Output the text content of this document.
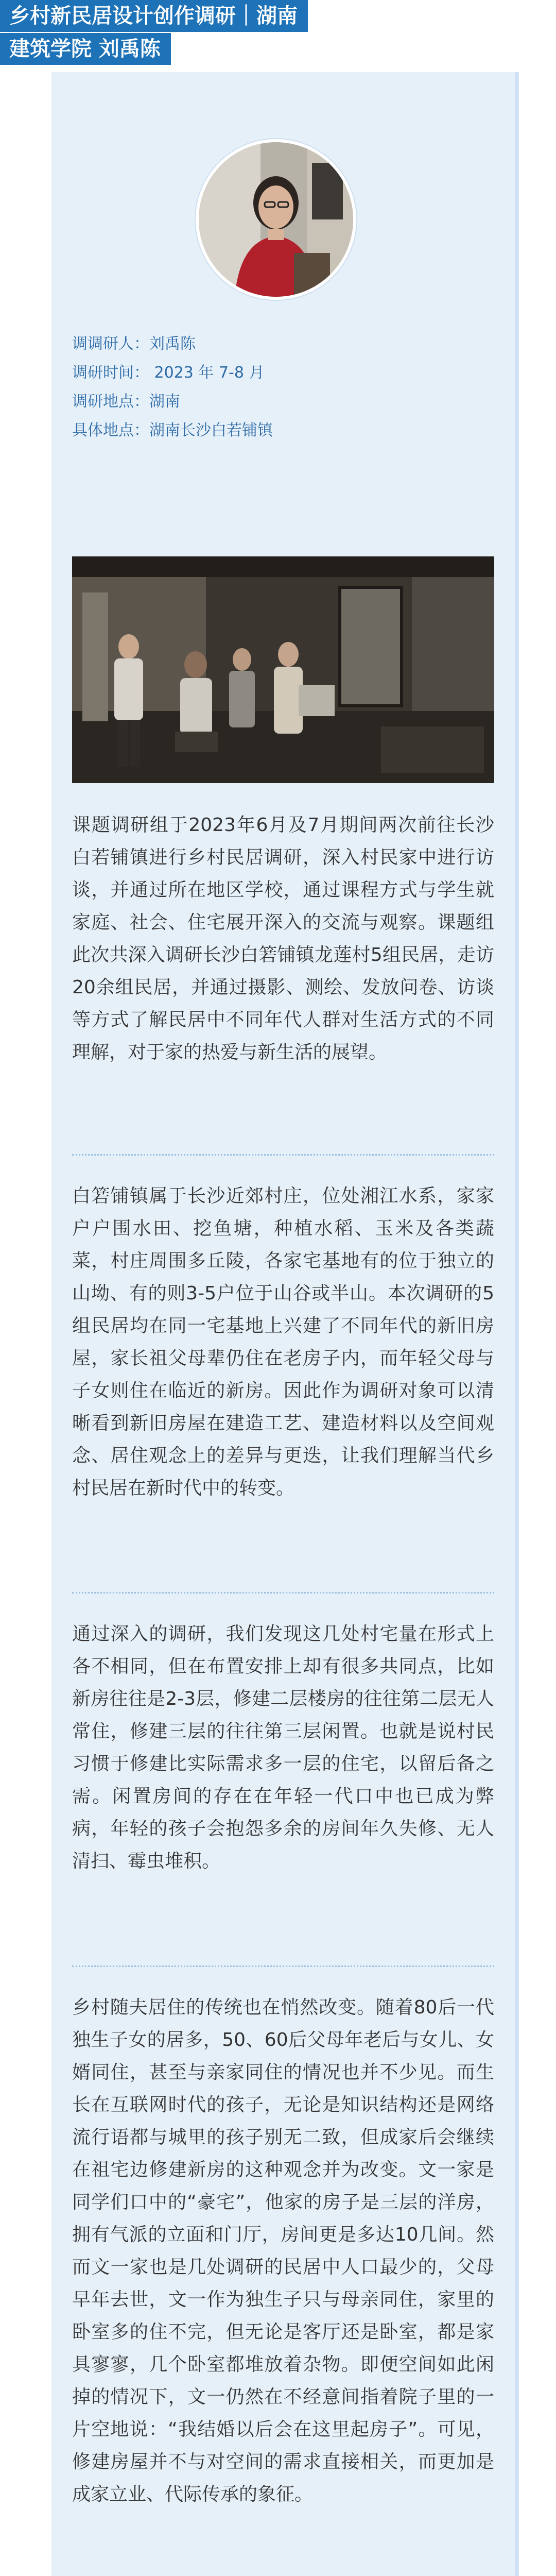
乡村新民居设计创作调研｜湖南
建筑学院 刘禹陈
调调研人：刘禹陈
调研时间： 2023 年 7-8 月
调研地点：湖南
具体地点：湖南长沙白若铺镇

课题调研组于2023年6月及7月期间两次前往长沙白若铺镇进行乡村民居调研，深入村民家中进行访谈，并通过所在地区学校，通过课程方式与学生就家庭、社会、住宅展开深入的交流与观察。课题组此次共深入调研长沙白箬铺镇龙莲村5组民居，走访20余组民居，并通过摄影、测绘、发放问卷、访谈等方式了解民居中不同年代人群对生活方式的不同理解，对于家的热爱与新生活的展望。

白箬铺镇属于长沙近郊村庄，位处湘江水系，家家户户围水田、挖鱼塘，种植水稻、玉米及各类蔬菜，村庄周围多丘陵，各家宅基地有的位于独立的山坳、有的则3-5户位于山谷或半山。本次调研的5组民居均在同一宅基地上兴建了不同年代的新旧房屋，家长祖父母辈仍住在老房子内，而年轻父母与子女则住在临近的新房。因此作为调研对象可以清晰看到新旧房屋在建造工艺、建造材料以及空间观念、居住观念上的差异与更迭，让我们理解当代乡村民居在新时代中的转变。

通过深入的调研，我们发现这几处村宅量在形式上各不相同，但在布置安排上却有很多共同点，比如新房往往是2-3层，修建二层楼房的往往第二层无人常住，修建三层的往往第三层闲置。也就是说村民习惯于修建比实际需求多一层的住宅，以留后备之需。闲置房间的存在在年轻一代口中也已成为弊病，年轻的孩子会抱怨多余的房间年久失修、无人清扫、霉虫堆积。

乡村随夫居住的传统也在悄然改变。随着80后一代独生子女的居多，50、60后父母年老后与女儿、女婿同住，甚至与亲家同住的情况也并不少见。而生长在互联网时代的孩子，无论是知识结构还是网络流行语都与城里的孩子别无二致，但成家后会继续在祖宅边修建新房的这种观念并为改变。文一家是同学们口中的“豪宅”，他家的房子是三层的洋房，拥有气派的立面和门厅，房间更是多达10几间。然而文一家也是几处调研的民居中人口最少的，父母早年去世，文一作为独生子只与母亲同住，家里的卧室多的住不完，但无论是客厅还是卧室，都是家具寥寥，几个卧室都堆放着杂物。即便空间如此闲掉的情况下，文一仍然在不经意间指着院子里的一片空地说：“我结婚以后会在这里起房子”。可见，修建房屋并不与对空间的需求直接相关，而更加是成家立业、代际传承的象征。
